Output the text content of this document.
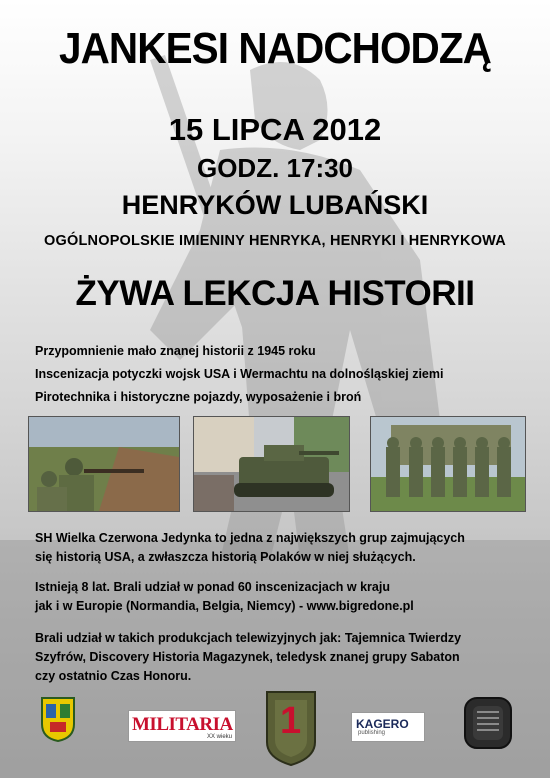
JANKESI NADCHODZĄ
15 LIPCA 2012
GODZ. 17:30
HENRYKÓW LUBAŃSKI
OGÓLNOPOLSKIE IMIENINY HENRYKA, HENRYKI I HENRYKOWA
ŻYWA LEKCJA HISTORII
Przypomnienie mało znanej historii z 1945 roku
Inscenizacja potyczki wojsk USA i Wermachtu na dolnośląskiej ziemi
Pirotechnika i historyczne pojazdy, wyposażenie i broń
SH Wielka Czerwona Jedynka to jedna z największych grup zajmujących
się historią USA, a zwłaszcza historią Polaków w niej służących.
Istnieją 8 lat. Brali udział w ponad 60 inscenizacjach w kraju
jak i w Europie (Normandia, Belgia, Niemcy) - www.bigredone.pl
Brali udział w takich produkcjach telewizyjnych jak: Tajemnica Twierdzy
Szyfrów, Discovery Historia Magazynek, teledysk znanej grupy Sabaton
czy ostatnio Czas Honoru.
MILITARIA
XX wieku 1	KAGERO
publishing
